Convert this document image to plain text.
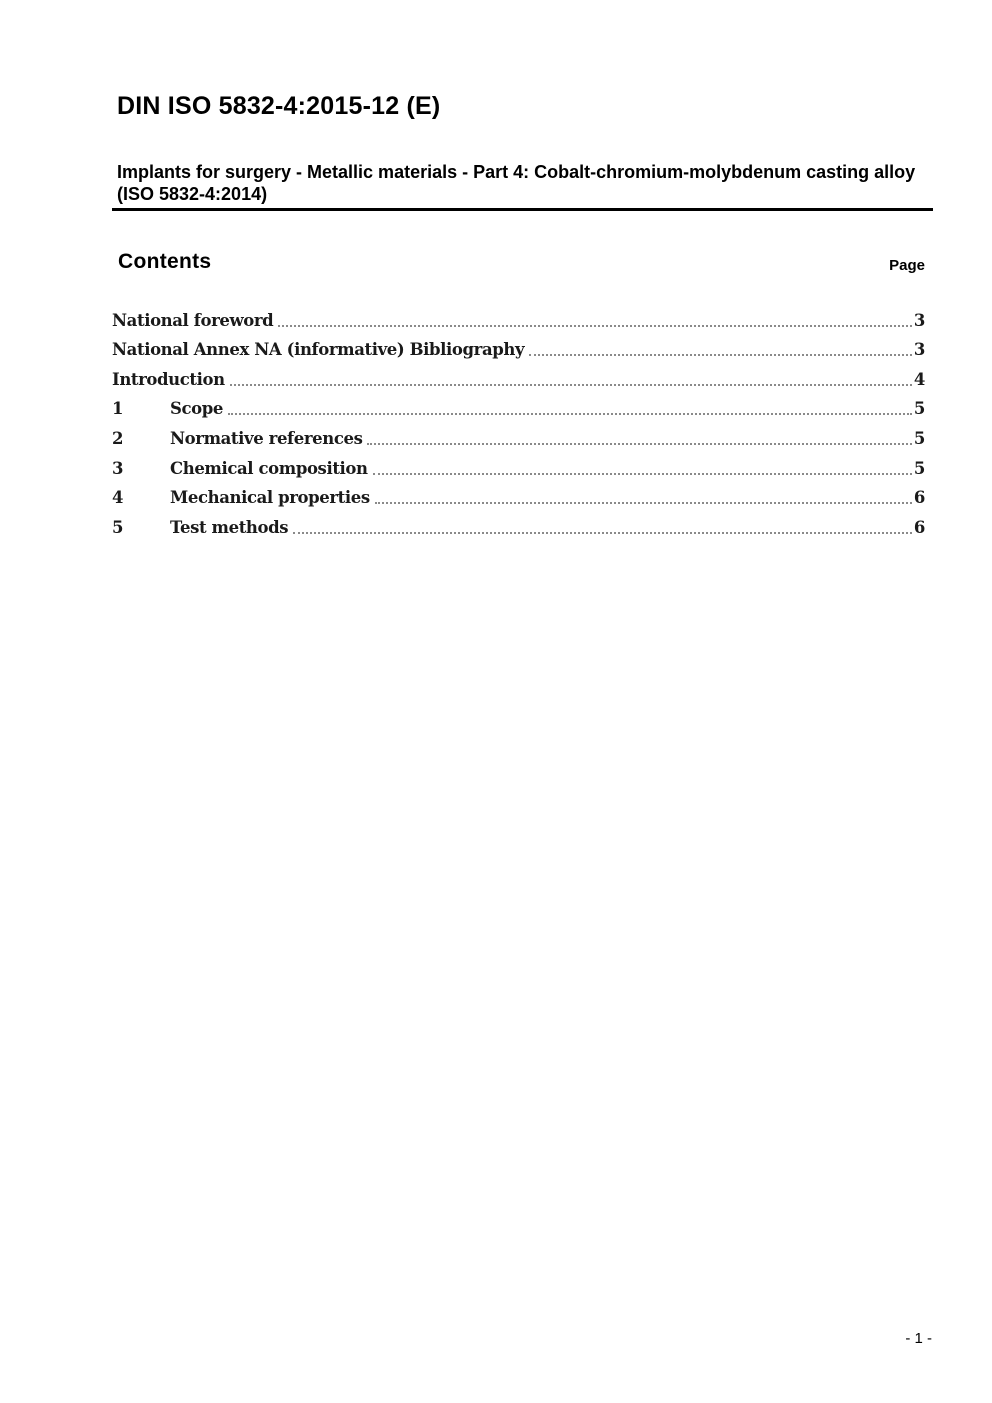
DIN ISO 5832-4:2015-12 (E)
Implants for surgery - Metallic materials - Part 4: Cobalt-chromium-molybdenum casting alloy (ISO 5832-4:2014)
Contents	Page
National foreword	3
National Annex NA (informative) Bibliography	3
Introduction	4
1	Scope	5
2	Normative references	5
3	Chemical composition	5
4	Mechanical properties	6
5	Test methods	6
- 1 -
